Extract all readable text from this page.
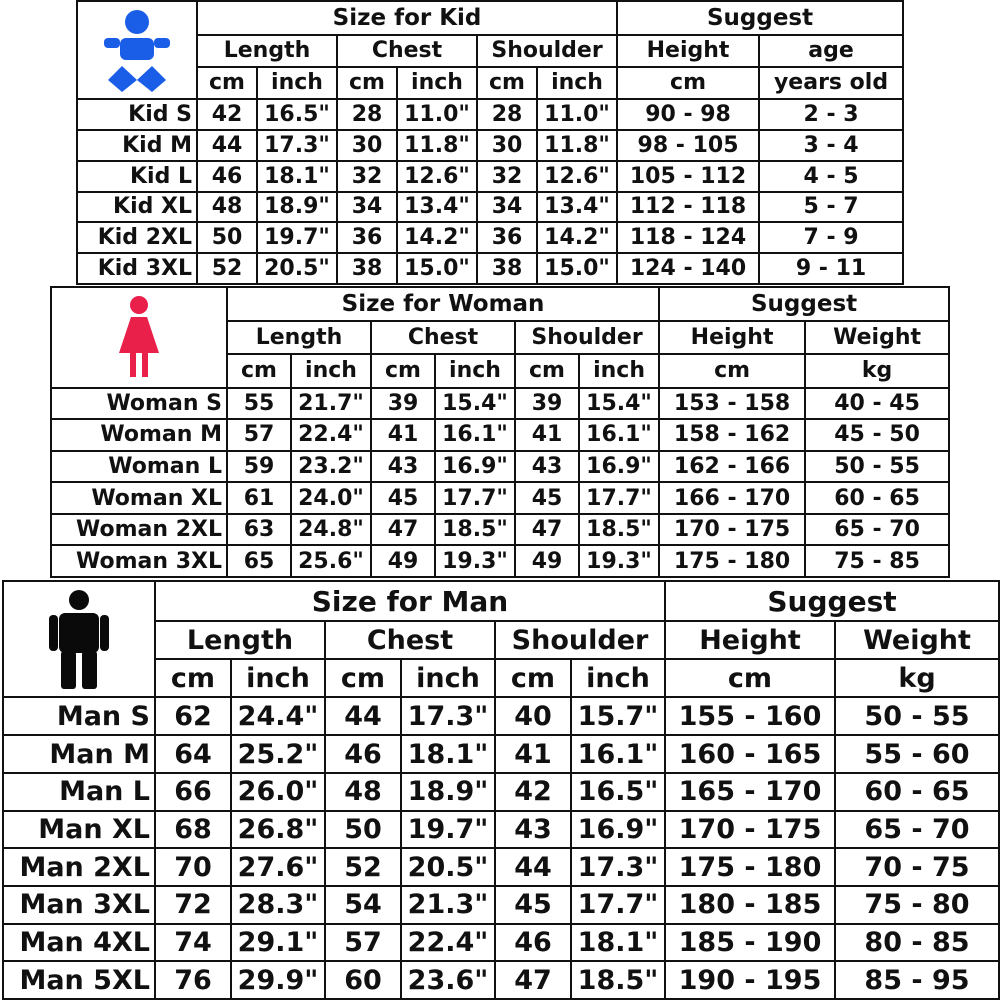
	Size for Kid						Suggest	
	Length		Chest		Shoulder		Height	age
	cm	inch	cm	inch	cm	inch	cm	years old
Kid S	42	16.5"	28	11.0"	28	11.0"	90 - 98	2 - 3
Kid M	44	17.3"	30	11.8"	30	11.8"	98 - 105	3 - 4
Kid L	46	18.1"	32	12.6"	32	12.6"	105 - 112	4 - 5
Kid XL	48	18.9"	34	13.4"	34	13.4"	112 - 118	5 - 7
Kid 2XL	50	19.7"	36	14.2"	36	14.2"	118 - 124	7 - 9
Kid 3XL	52	20.5"	38	15.0"	38	15.0"	124 - 140	9 - 11
	Size for Woman						Suggest	
	Length		Chest		Shoulder		Height	Weight
	cm	inch	cm	inch	cm	inch	cm	kg
Woman S	55	21.7"	39	15.4"	39	15.4"	153 - 158	40 - 45
Woman M	57	22.4"	41	16.1"	41	16.1"	158 - 162	45 - 50
Woman L	59	23.2"	43	16.9"	43	16.9"	162 - 166	50 - 55
Woman XL	61	24.0"	45	17.7"	45	17.7"	166 - 170	60 - 65
Woman 2XL	63	24.8"	47	18.5"	47	18.5"	170 - 175	65 - 70
Woman 3XL	65	25.6"	49	19.3"	49	19.3"	175 - 180	75 - 85
	Size for Man						Suggest	
	Length		Chest		Shoulder		Height	Weight
	cm	inch	cm	inch	cm	inch	cm	kg
Man S	62	24.4"	44	17.3"	40	15.7"	155 - 160	50 - 55
Man M	64	25.2"	46	18.1"	41	16.1"	160 - 165	55 - 60
Man L	66	26.0"	48	18.9"	42	16.5"	165 - 170	60 - 65
Man XL	68	26.8"	50	19.7"	43	16.9"	170 - 175	65 - 70
Man 2XL	70	27.6"	52	20.5"	44	17.3"	175 - 180	70 - 75
Man 3XL	72	28.3"	54	21.3"	45	17.7"	180 - 185	75 - 80
Man 4XL	74	29.1"	57	22.4"	46	18.1"	185 - 190	80 - 85
Man 5XL	76	29.9"	60	23.6"	47	18.5"	190 - 195	85 - 95
